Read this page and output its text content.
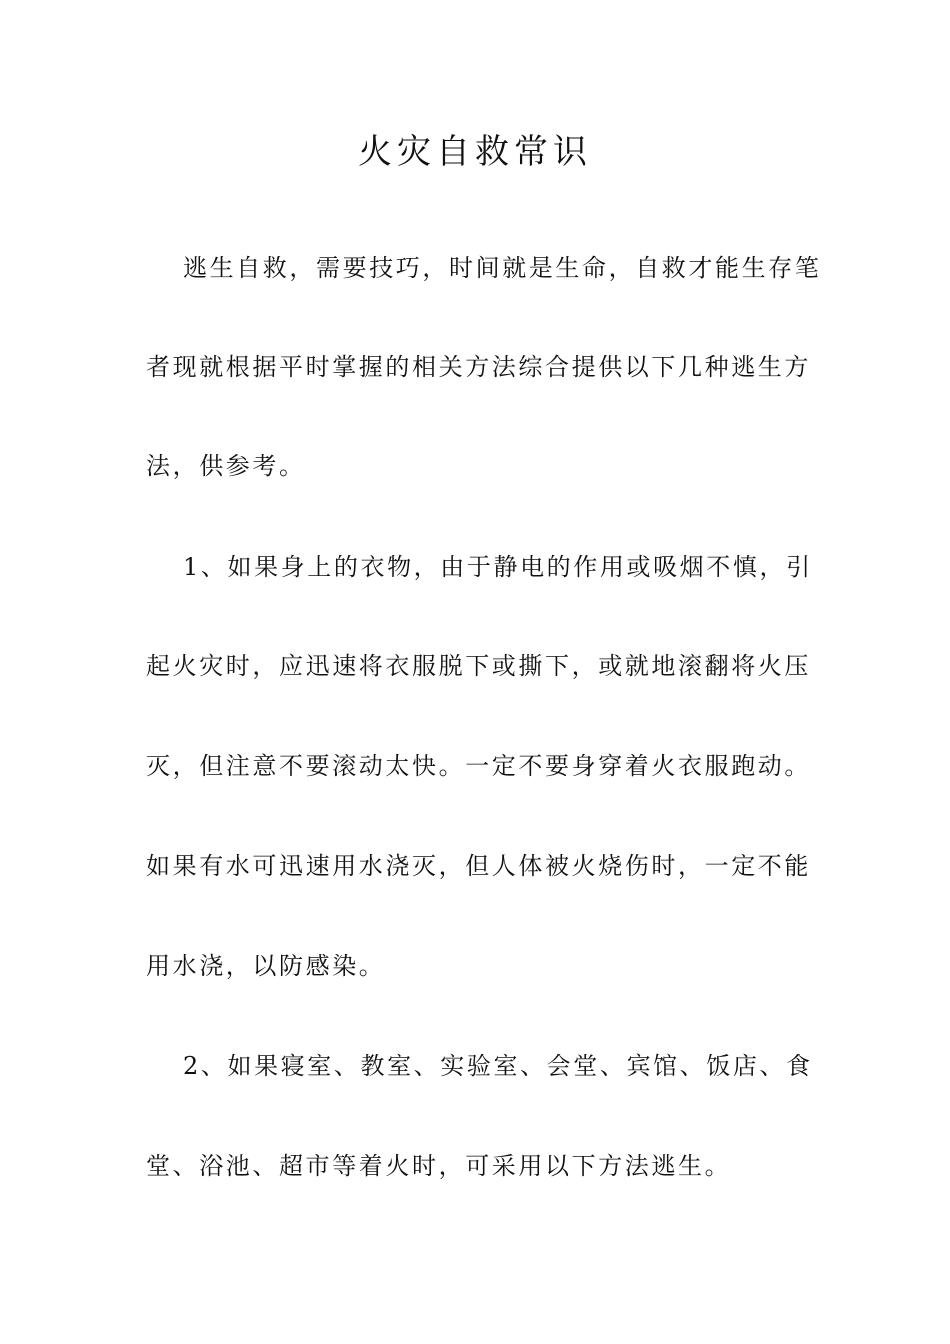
火灾自救常识

逃生自救，需要技巧，时间就是生命，自救才能生存笔

者现就根据平时掌握的相关方法综合提供以下几种逃生方

法，供参考。

1、如果身上的衣物，由于静电的作用或吸烟不慎，引

起火灾时，应迅速将衣服脱下或撕下，或就地滚翻将火压

灭，但注意不要滚动太快。一定不要身穿着火衣服跑动。

如果有水可迅速用水浇灭，但人体被火烧伤时，一定不能

用水浇，以防感染。

2、如果寝室、教室、实验室、会堂、宾馆、饭店、食

堂、浴池、超市等着火时，可采用以下方法逃生。
